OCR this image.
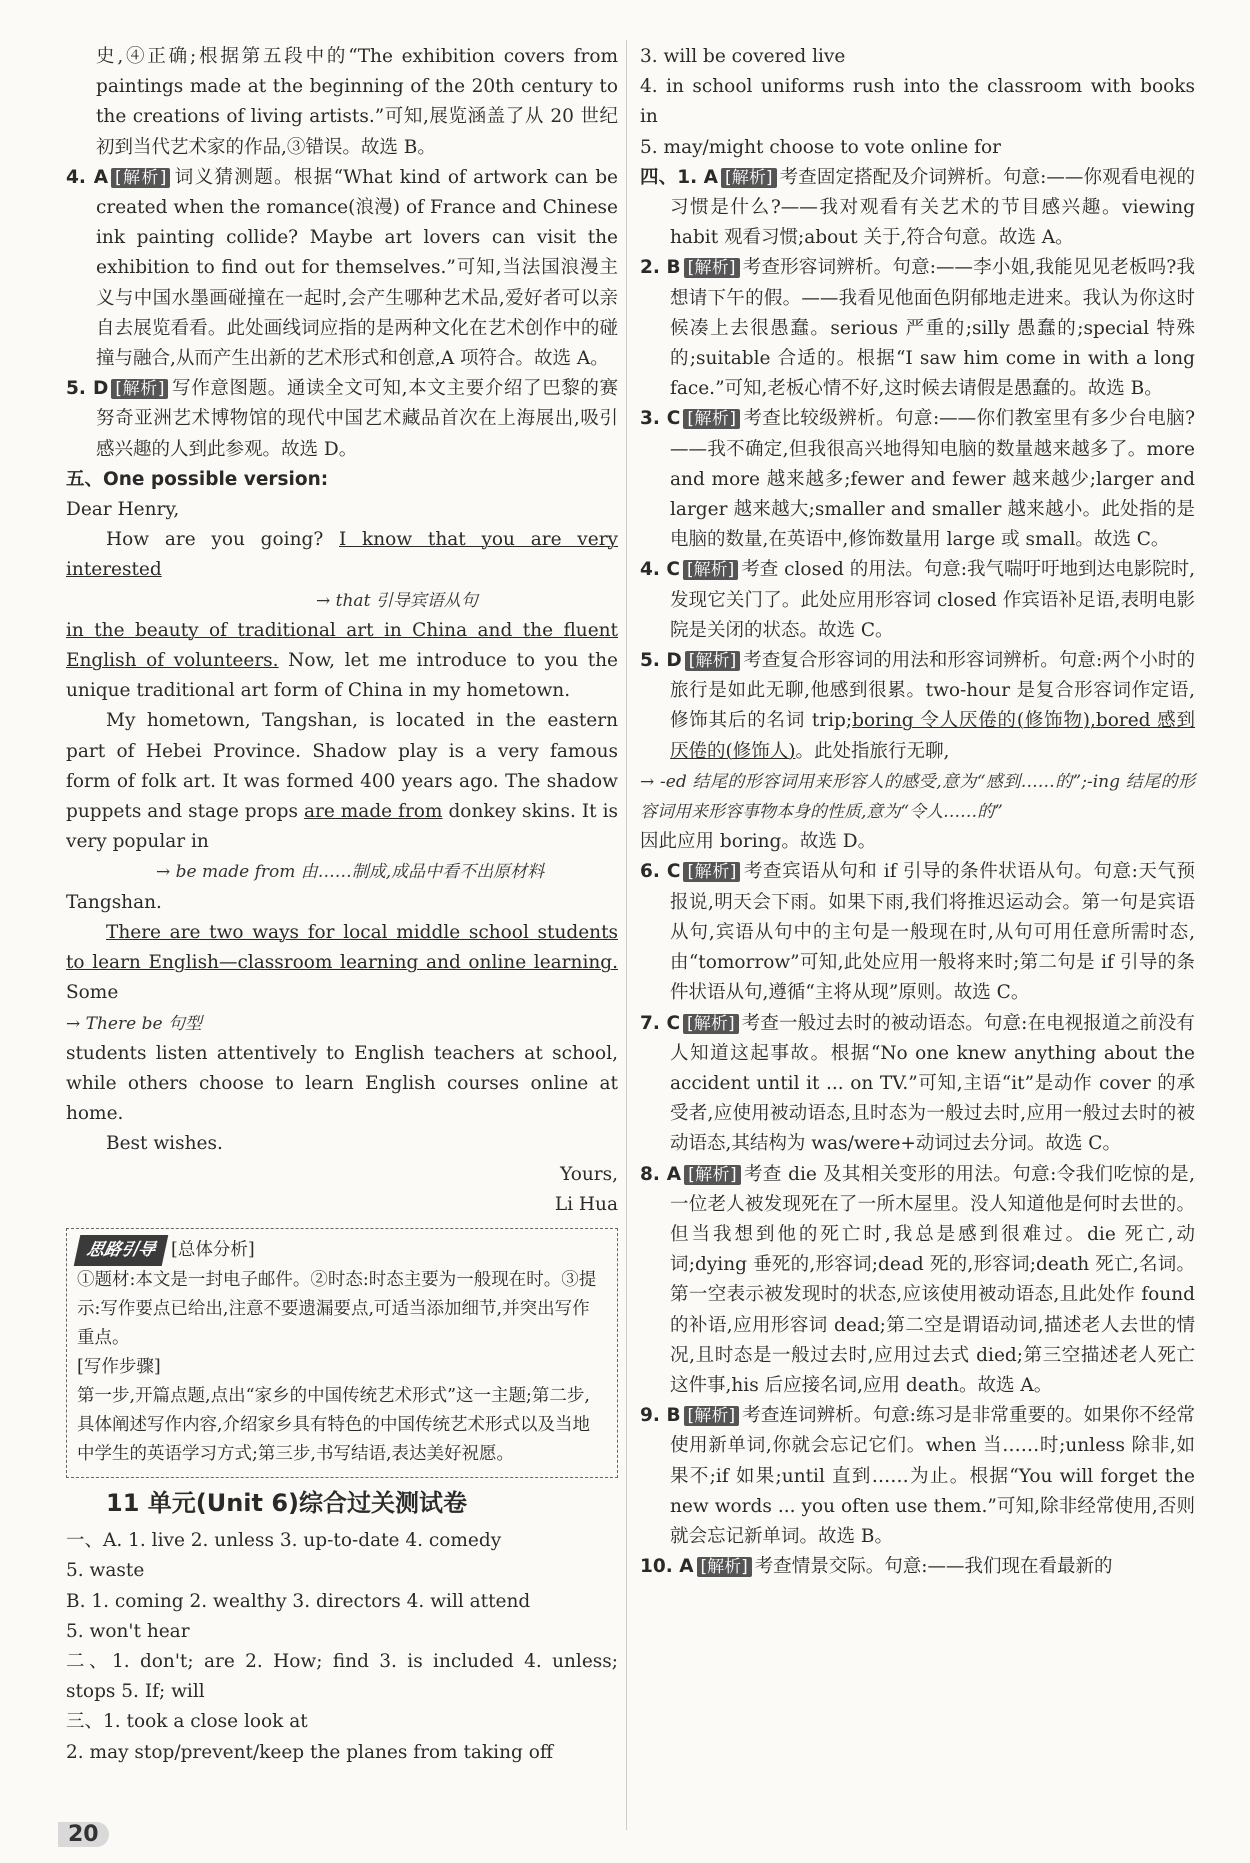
史,④正确;根据第五段中的“The exhibition covers from paintings made at the beginning of the 20th century to the creations of living artists.”可知,展览涵盖了从 20 世纪初到当代艺术家的作品,③错误。故选 B。

4. A [解析] 词义猜测题。根据“What kind of artwork can be created when the romance(浪漫) of France and Chinese ink painting collide? Maybe art lovers can visit the exhibition to find out for themselves.”可知,当法国浪漫主义与中国水墨画碰撞在一起时,会产生哪种艺术品,爱好者可以亲自去展览看看。此处画线词应指的是两种文化在艺术创作中的碰撞与融合,从而产生出新的艺术形式和创意,A 项符合。故选 A。

5. D [解析] 写作意图题。通读全文可知,本文主要介绍了巴黎的赛努奇亚洲艺术博物馆的现代中国艺术藏品首次在上海展出,吸引感兴趣的人到此参观。故选 D。

五、One possible version:

Dear Henry,

How are you going? I know that you are very interested

→ that 引导宾语从句

in the beauty of traditional art in China and the fluent English of volunteers. Now, let me introduce to you the unique traditional art form of China in my hometown.

My hometown, Tangshan, is located in the eastern part of Hebei Province. Shadow play is a very famous form of folk art. It was formed 400 years ago. The shadow puppets and stage props are made from donkey skins. It is very popular in

→ be made from 由……制成,成品中看不出原材料

Tangshan.

There are two ways for local middle school students to learn English—classroom learning and online learning. Some

→ There be 句型

students listen attentively to English teachers at school, while others choose to learn English courses online at home.

Best wishes.

Yours,

Li Hua

思路引导 [总体分析]
①题材:本文是一封电子邮件。②时态:时态主要为一般现在时。③提示:写作要点已给出,注意不要遗漏要点,可适当添加细节,并突出写作重点。
[写作步骤]
第一步,开篇点题,点出“家乡的中国传统艺术形式”这一主题;第二步,具体阐述写作内容,介绍家乡具有特色的中国传统艺术形式以及当地中学生的英语学习方式;第三步,书写结语,表达美好祝愿。
11 单元(Unit 6)综合过关测试卷

一、A. 1. live 2. unless 3. up-to-date 4. comedy

5. waste

B. 1. coming 2. wealthy 3. directors 4. will attend

5. won't hear

二、1. don't; are 2. How; find 3. is included 4. unless; stops 5. If; will

三、1. took a close look at

2. may stop/prevent/keep the planes from taking off

3. will be covered live

4. in school uniforms rush into the classroom with books in

5. may/might choose to vote online for

四、1. A [解析] 考查固定搭配及介词辨析。句意:——你观看电视的习惯是什么?——我对观看有关艺术的节目感兴趣。viewing habit 观看习惯;about 关于,符合句意。故选 A。

2. B [解析] 考查形容词辨析。句意:——李小姐,我能见见老板吗?我想请下午的假。——我看见他面色阴郁地走进来。我认为你这时候凑上去很愚蠢。serious 严重的;silly 愚蠢的;special 特殊的;suitable 合适的。根据“I saw him come in with a long face.”可知,老板心情不好,这时候去请假是愚蠢的。故选 B。

3. C [解析] 考查比较级辨析。句意:——你们教室里有多少台电脑?——我不确定,但我很高兴地得知电脑的数量越来越多了。more and more 越来越多;fewer and fewer 越来越少;larger and larger 越来越大;smaller and smaller 越来越小。此处指的是电脑的数量,在英语中,修饰数量用 large 或 small。故选 C。

4. C [解析] 考查 closed 的用法。句意:我气喘吁吁地到达电影院时,发现它关门了。此处应用形容词 closed 作宾语补足语,表明电影院是关闭的状态。故选 C。

5. D [解析] 考查复合形容词的用法和形容词辨析。句意:两个小时的旅行是如此无聊,他感到很累。two-hour 是复合形容词作定语,修饰其后的名词 trip;boring 令人厌倦的(修饰物),bored 感到厌倦的(修饰人)。此处指旅行无聊,

→ -ed 结尾的形容词用来形容人的感受,意为“感到……的”;-ing 结尾的形容词用来形容事物本身的性质,意为“令人……的”

因此应用 boring。故选 D。

6. C [解析] 考查宾语从句和 if 引导的条件状语从句。句意:天气预报说,明天会下雨。如果下雨,我们将推迟运动会。第一句是宾语从句,宾语从句中的主句是一般现在时,从句可用任意所需时态,由“tomorrow”可知,此处应用一般将来时;第二句是 if 引导的条件状语从句,遵循“主将从现”原则。故选 C。

7. C [解析] 考查一般过去时的被动语态。句意:在电视报道之前没有人知道这起事故。根据“No one knew anything about the accident until it ... on TV.”可知,主语“it”是动作 cover 的承受者,应使用被动语态,且时态为一般过去时,应用一般过去时的被动语态,其结构为 was/were+动词过去分词。故选 C。

8. A [解析] 考查 die 及其相关变形的用法。句意:令我们吃惊的是,一位老人被发现死在了一所木屋里。没人知道他是何时去世的。但当我想到他的死亡时,我总是感到很难过。die 死亡,动词;dying 垂死的,形容词;dead 死的,形容词;death 死亡,名词。第一空表示被发现时的状态,应该使用被动语态,且此处作 found 的补语,应用形容词 dead;第二空是谓语动词,描述老人去世的情况,且时态是一般过去时,应用过去式 died;第三空描述老人死亡这件事,his 后应接名词,应用 death。故选 A。

9. B [解析] 考查连词辨析。句意:练习是非常重要的。如果你不经常使用新单词,你就会忘记它们。when 当……时;unless 除非,如果不;if 如果;until 直到……为止。根据“You will forget the new words ... you often use them.”可知,除非经常使用,否则就会忘记新单词。故选 B。

10. A [解析] 考查情景交际。句意:——我们现在看最新的

20
